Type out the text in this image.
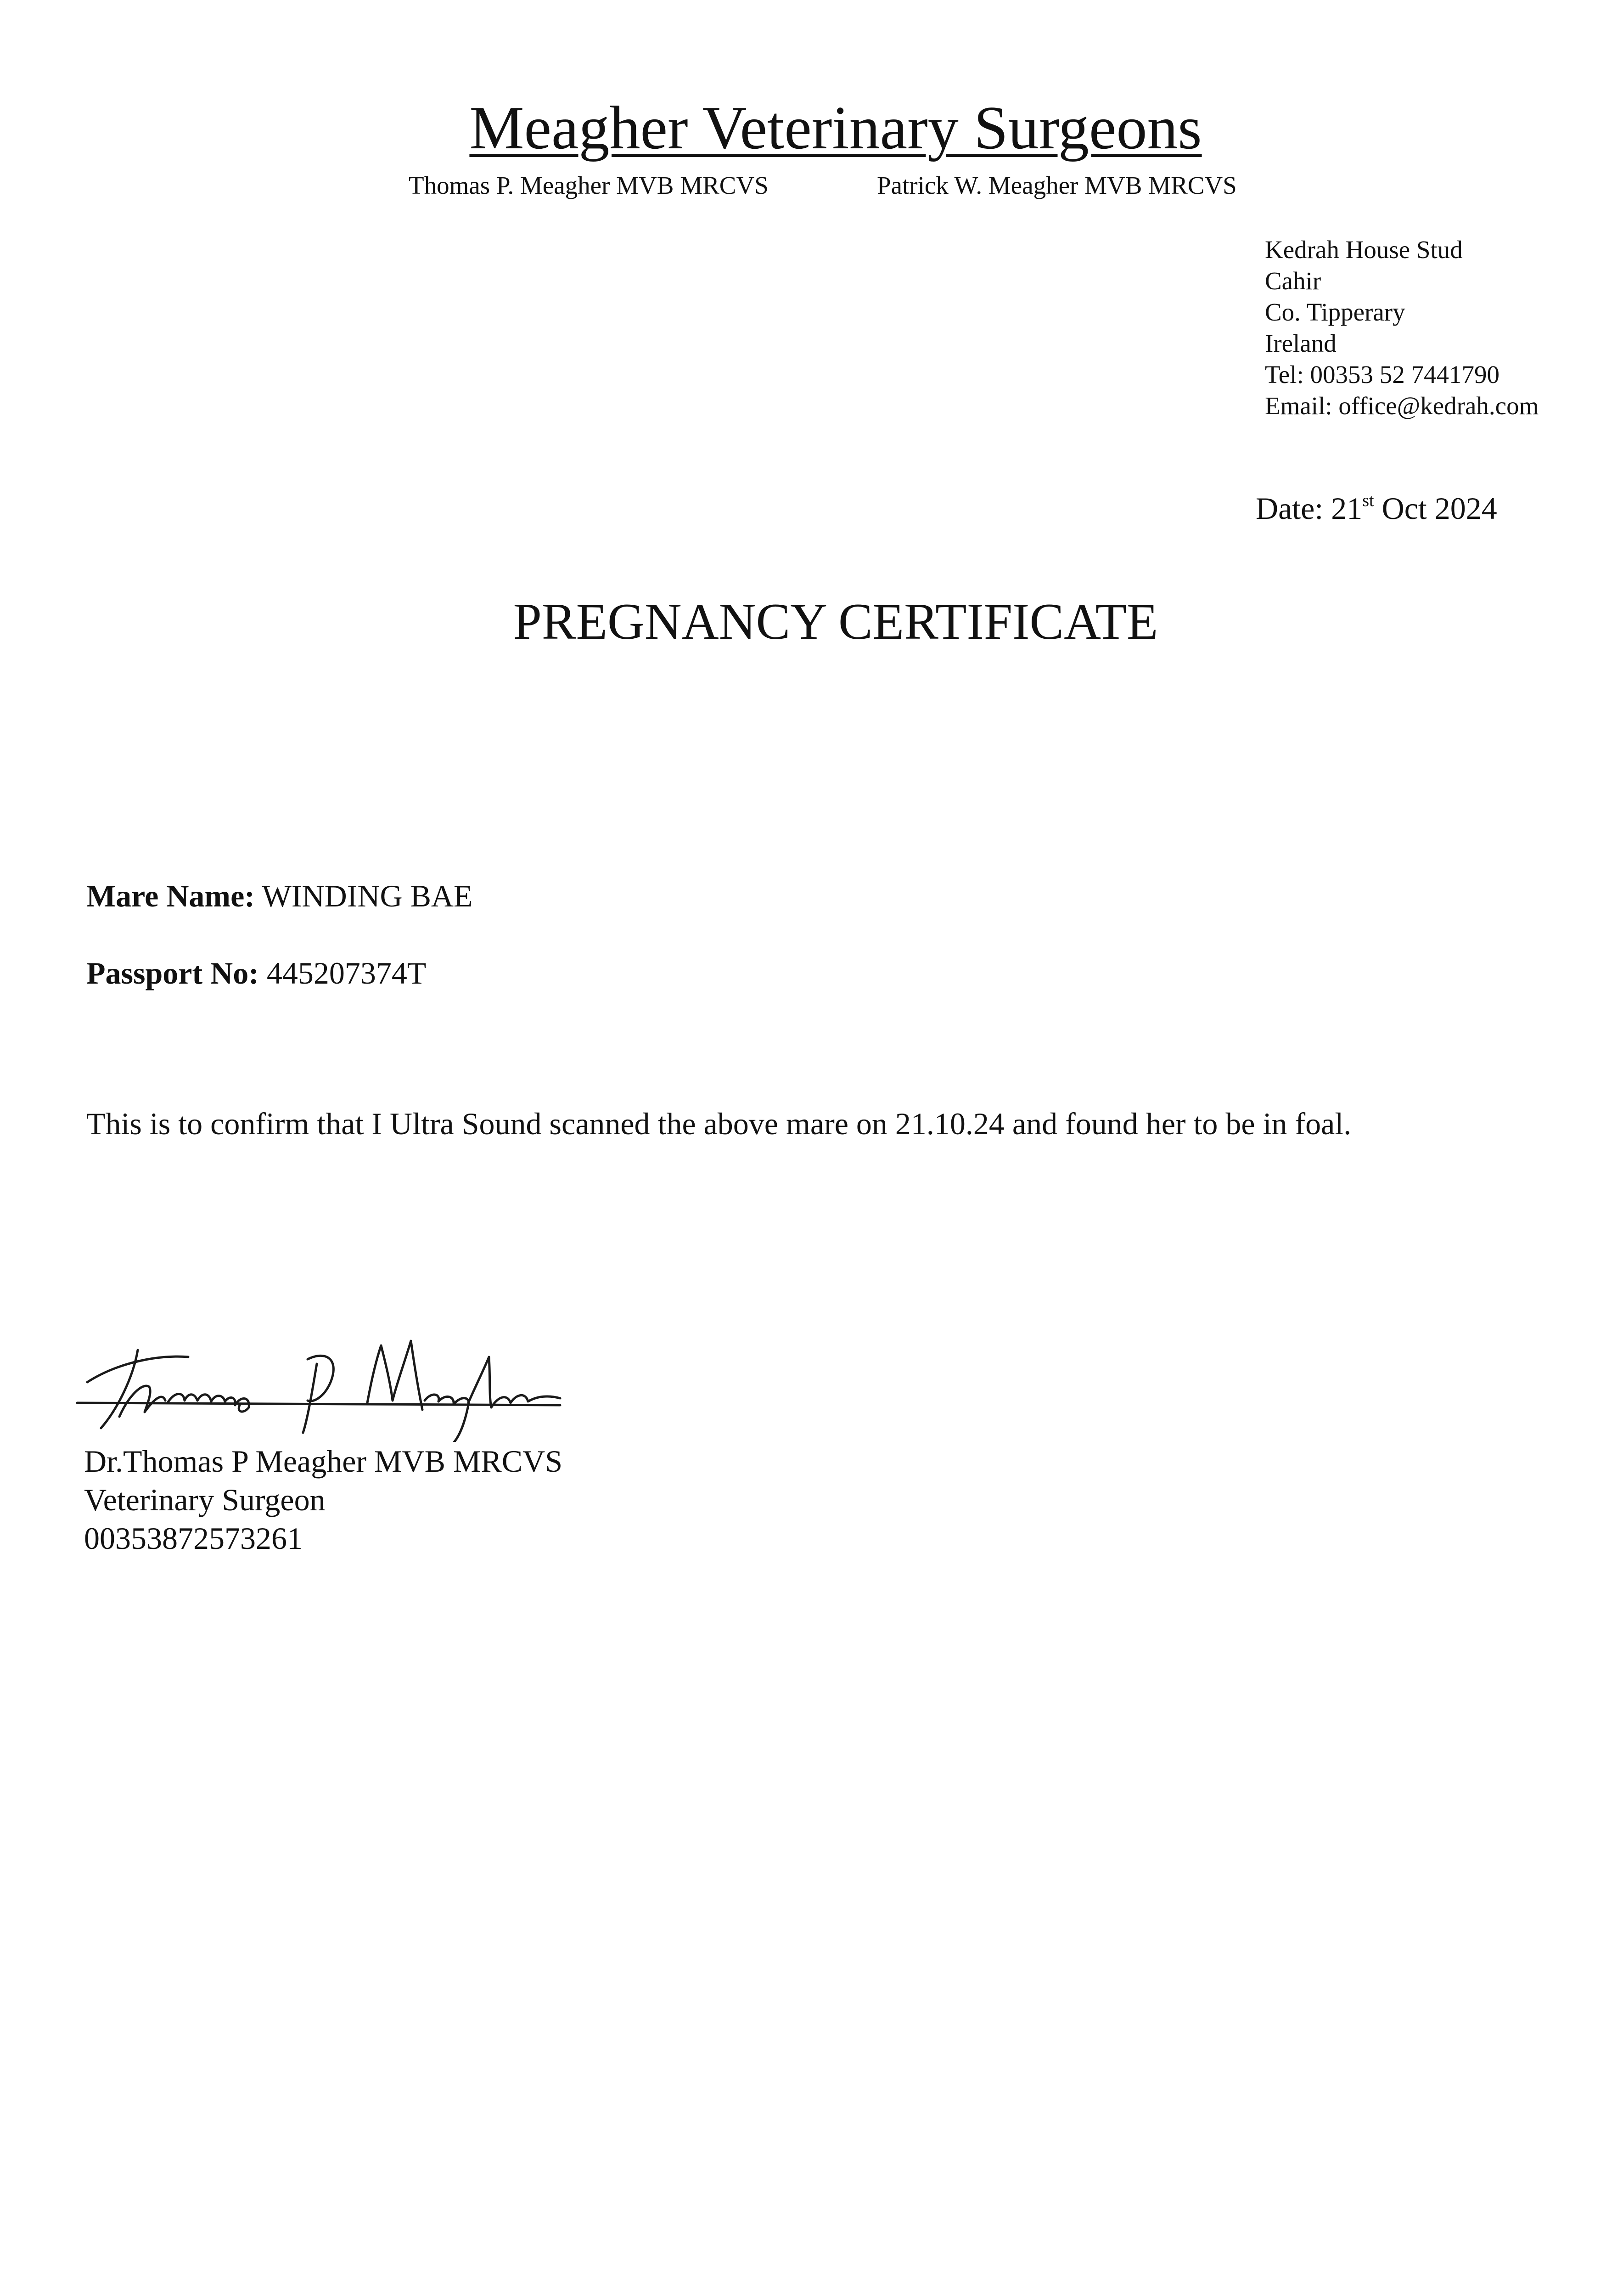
Meagher Veterinary Surgeons
Thomas P. Meagher MVB MRCVS	Patrick W. Meagher MVB MRCVS
Kedrah House Stud
Cahir
Co. Tipperary
Ireland
Tel: 00353 52 7441790
Email: office@kedrah.com
Date: 21st Oct 2024
PREGNANCY CERTIFICATE
Mare Name: WINDING BAE
Passport No: 445207374T
This is to confirm that I Ultra Sound scanned the above mare on 21.10.24 and found her to be in foal.
Dr.Thomas P Meagher MVB MRCVS
Veterinary Surgeon
00353872573261
